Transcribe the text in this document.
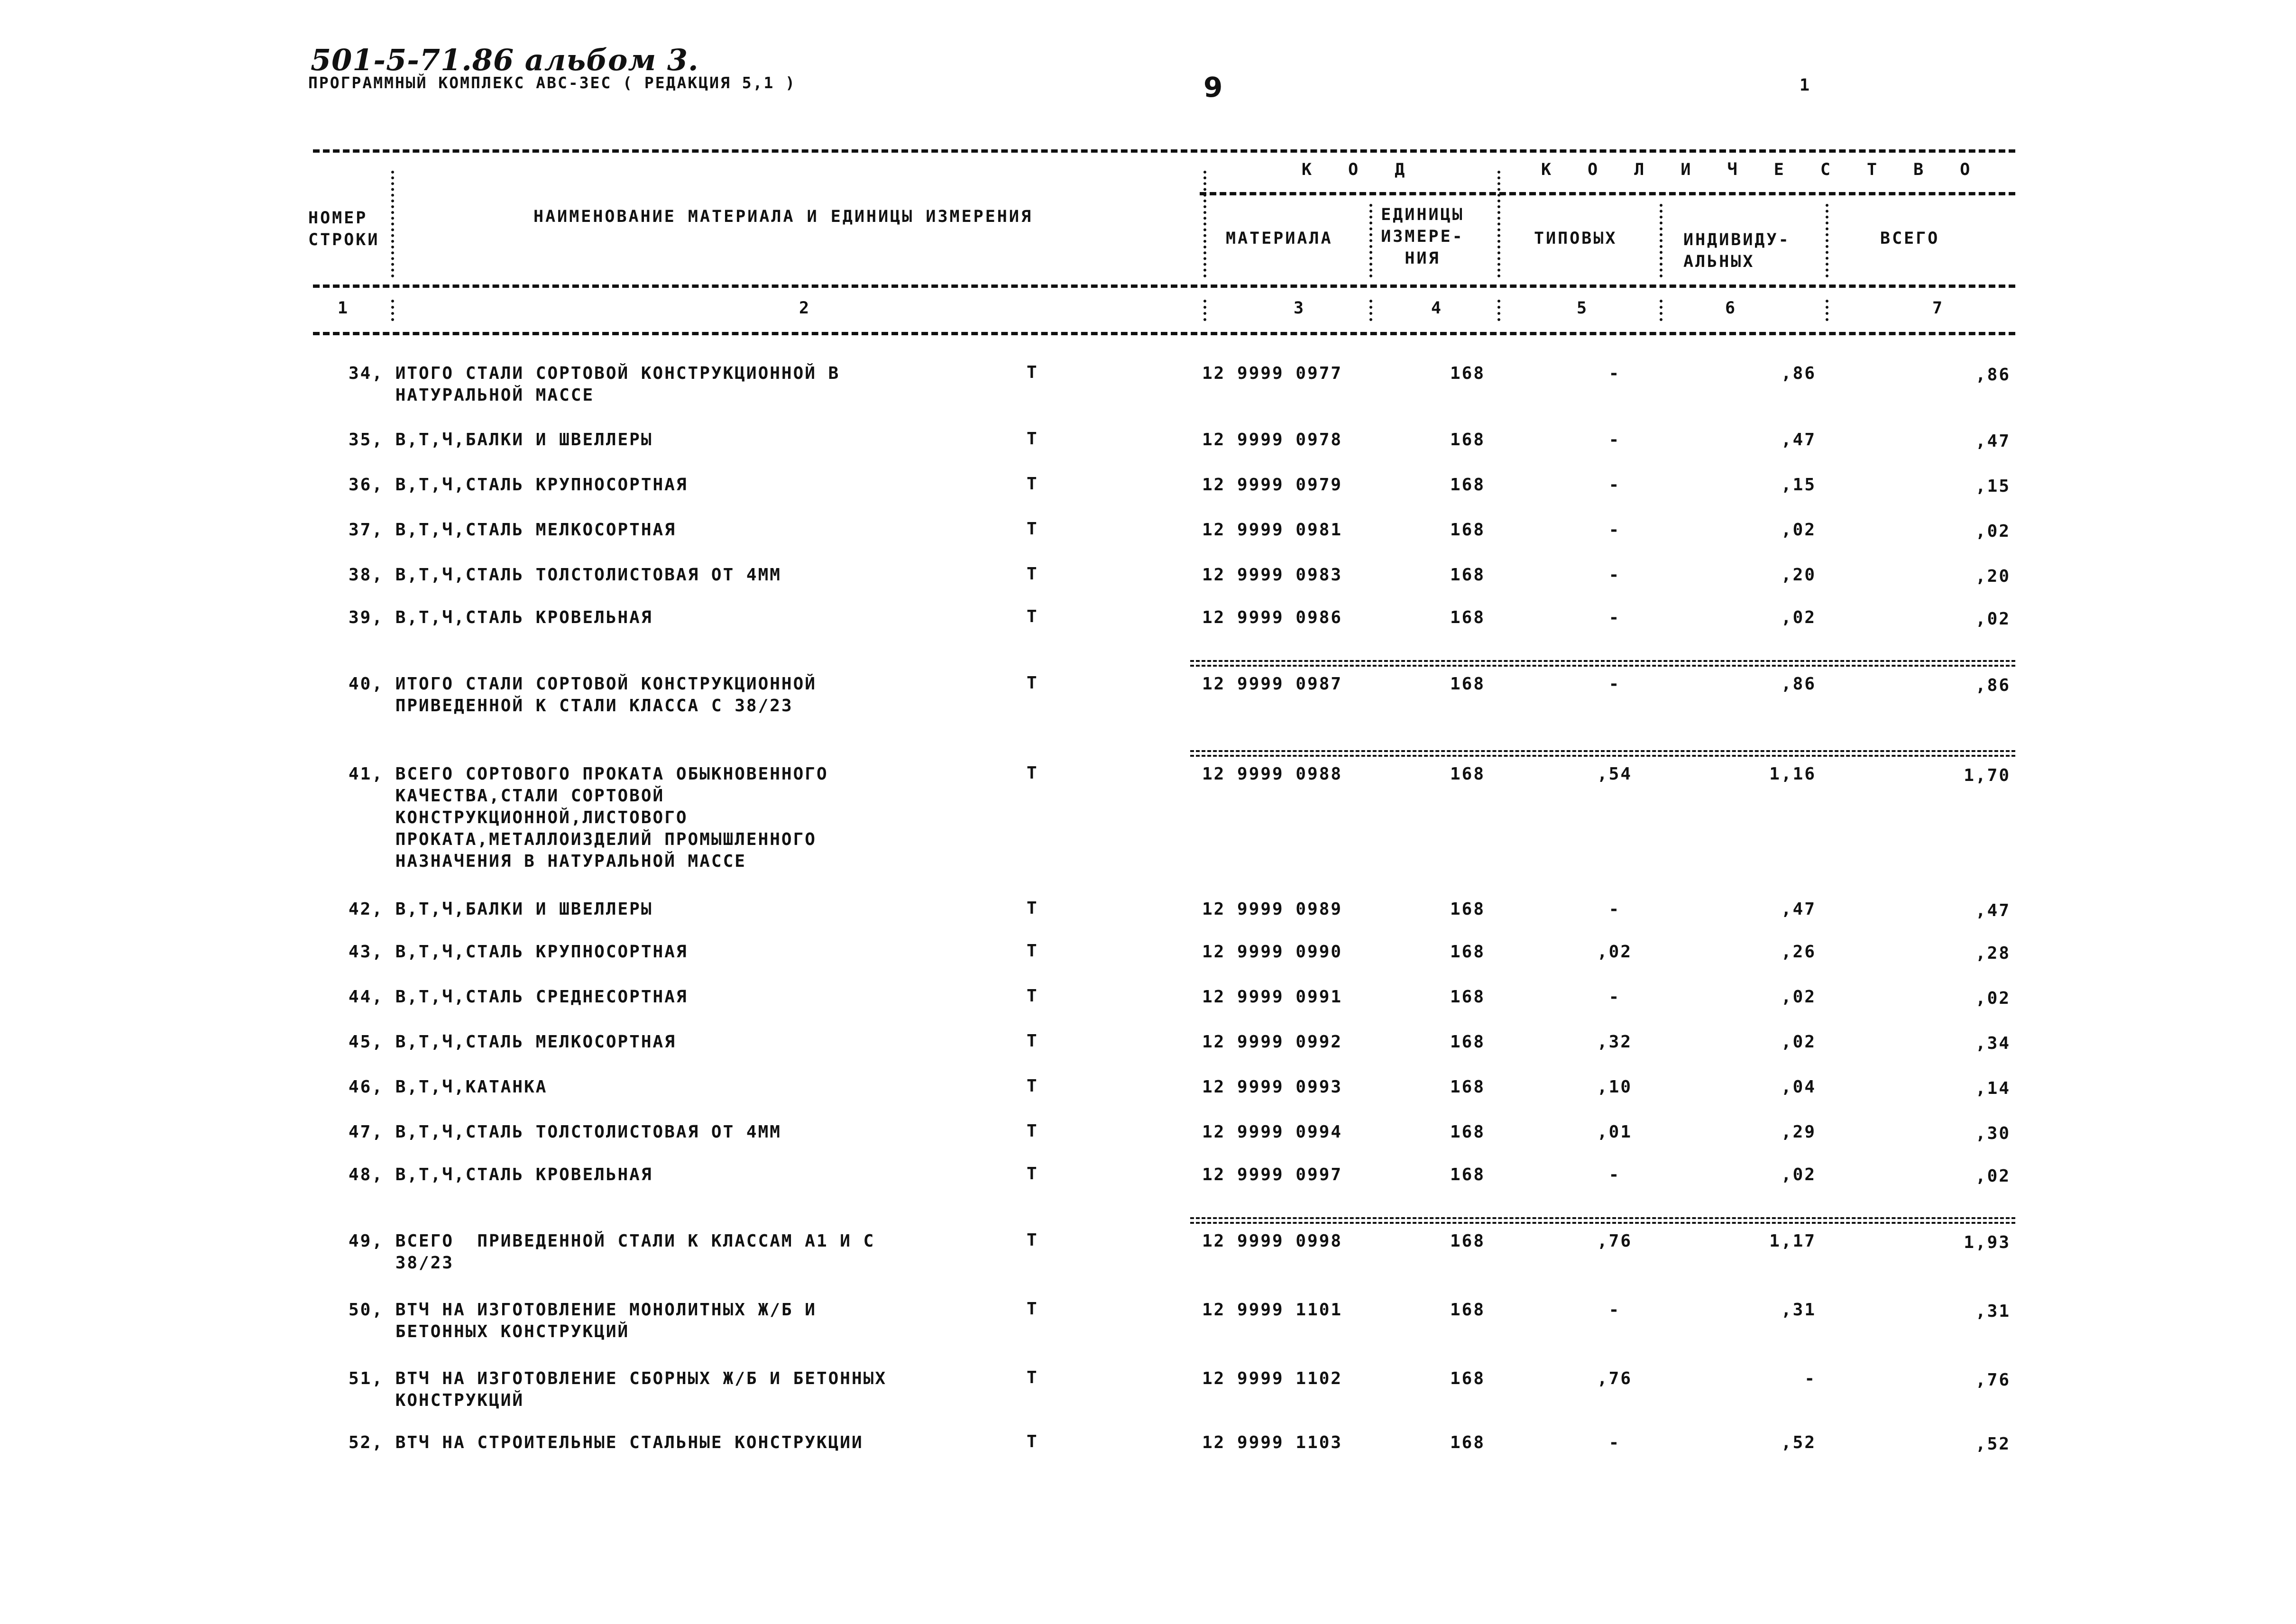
501-5-71.86 альбом 3.
ПРОГРАММНЫЙ КОМПЛЕКС АВС-3ЕС ( РЕДАКЦИЯ 5,1 )	9	1
НОМЕР
СТРОКИ
НАИМЕНОВАНИЕ МАТЕРИАЛА И ЕДИНИЦЫ ИЗМЕРЕНИЯ
К О Д	К О Л И Ч Е С Т В О
МАТЕРИАЛА
ЕДИНИЦЫ
ИЗМЕРЕ-
НИЯ
ТИПОВЫХ	ИНДИВИДУ-
АЛЬНЫХ
ВСЕГО
1	2	3	4	5	6	7
34, ИТОГО СТАЛИ СОРТОВОЙ КОНСТРУКЦИОННОЙ В
НАТУРАЛЬНОЙ МАССЕ
Т	12 9999 0977	168	-	,86	,86
35, В,Т,Ч,БАЛКИ И ШВЕЛЛЕРЫ	Т	12 9999 0978	168	-	,47	,47
36, В,Т,Ч,СТАЛЬ КРУПНОСОРТНАЯ	Т	12 9999 0979	168	-	,15	,15
37, В,Т,Ч,СТАЛЬ МЕЛКОСОРТНАЯ	Т	12 9999 0981	168	-	,02	,02
38, В,Т,Ч,СТАЛЬ ТОЛСТОЛИСТОВАЯ ОТ 4ММ	Т	12 9999 0983	168	-	,20	,20
39, В,Т,Ч,СТАЛЬ КРОВЕЛЬНАЯ	Т	12 9999 0986	168	-	,02	,02
40, ИТОГО СТАЛИ СОРТОВОЙ КОНСТРУКЦИОННОЙ
ПРИВЕДЕННОЙ К СТАЛИ КЛАССА С 38/23
Т	12 9999 0987	168	-	,86	,86
41, ВСЕГО СОРТОВОГО ПРОКАТА ОБЫКНОВЕННОГО
КАЧЕСТВА,СТАЛИ СОРТОВОЙ
КОНСТРУКЦИОННОЙ,ЛИСТОВОГО
ПРОКАТА,МЕТАЛЛОИЗДЕЛИЙ ПРОМЫШЛЕННОГО
НАЗНАЧЕНИЯ В НАТУРАЛЬНОЙ МАССЕ
Т	12 9999 0988	168	,54	1,16	1,70
42, В,Т,Ч,БАЛКИ И ШВЕЛЛЕРЫ	Т	12 9999 0989	168	-	,47	,47
43, В,Т,Ч,СТАЛЬ КРУПНОСОРТНАЯ	Т	12 9999 0990	168	,02	,26	,28
44, В,Т,Ч,СТАЛЬ СРЕДНЕСОРТНАЯ	Т	12 9999 0991	168	-	,02	,02
45, В,Т,Ч,СТАЛЬ МЕЛКОСОРТНАЯ	Т	12 9999 0992	168	,32	,02	,34
46, В,Т,Ч,КАТАНКА	Т	12 9999 0993	168	,10	,04	,14
47, В,Т,Ч,СТАЛЬ ТОЛСТОЛИСТОВАЯ ОТ 4ММ	Т	12 9999 0994	168	,01	,29	,30
48, В,Т,Ч,СТАЛЬ КРОВЕЛЬНАЯ	Т	12 9999 0997	168	-	,02	,02
49, ВСЕГО  ПРИВЕДЕННОЙ СТАЛИ К КЛАССАМ А1 И С
38/23
Т	12 9999 0998	168	,76	1,17	1,93
50, ВТЧ НА ИЗГОТОВЛЕНИЕ МОНОЛИТНЫХ Ж/Б И
БЕТОННЫХ КОНСТРУКЦИЙ
Т	12 9999 1101	168	-	,31	,31
51, ВТЧ НА ИЗГОТОВЛЕНИЕ СБОРНЫХ Ж/Б И БЕТОННЫХ
КОНСТРУКЦИЙ
Т	12 9999 1102	168	,76	-	,76
52, ВТЧ НА СТРОИТЕЛЬНЫЕ СТАЛЬНЫЕ КОНСТРУКЦИИ	Т	12 9999 1103	168	-	,52	,52
